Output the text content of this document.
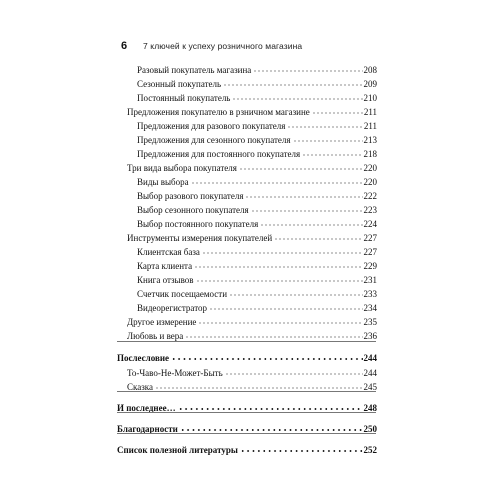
6	7 ключей к успеху розничного магазина
Разовый покупатель магазина	208
Сезонный покупатель	209
Постоянный покупатель	210
Предложения покупателю в рзничном магазине	211
Предложения для разового покупателя	211
Предложения для сезонного покупателя	213
Предложения для постоянного покупателя	218
Три вида выбора покупателя	220
Виды выбора	220
Выбор разового покупателя	222
Выбор сезонного покупателя	223
Выбор постоянного покупателя	224
Инструменты измерения покупателей	227
Клиентская база	227
Карта клиента	229
Книга отзывов	231
Счетчик посещаемости	233
Видеорегистратор	234
Другое измерение	235
Любовь и вера	236
Послесловие	244
То-Чаво-Не-Может-Быть	244
Сказка	245
И последнее…	248
Благодарности	250
Список полезной литературы	252
